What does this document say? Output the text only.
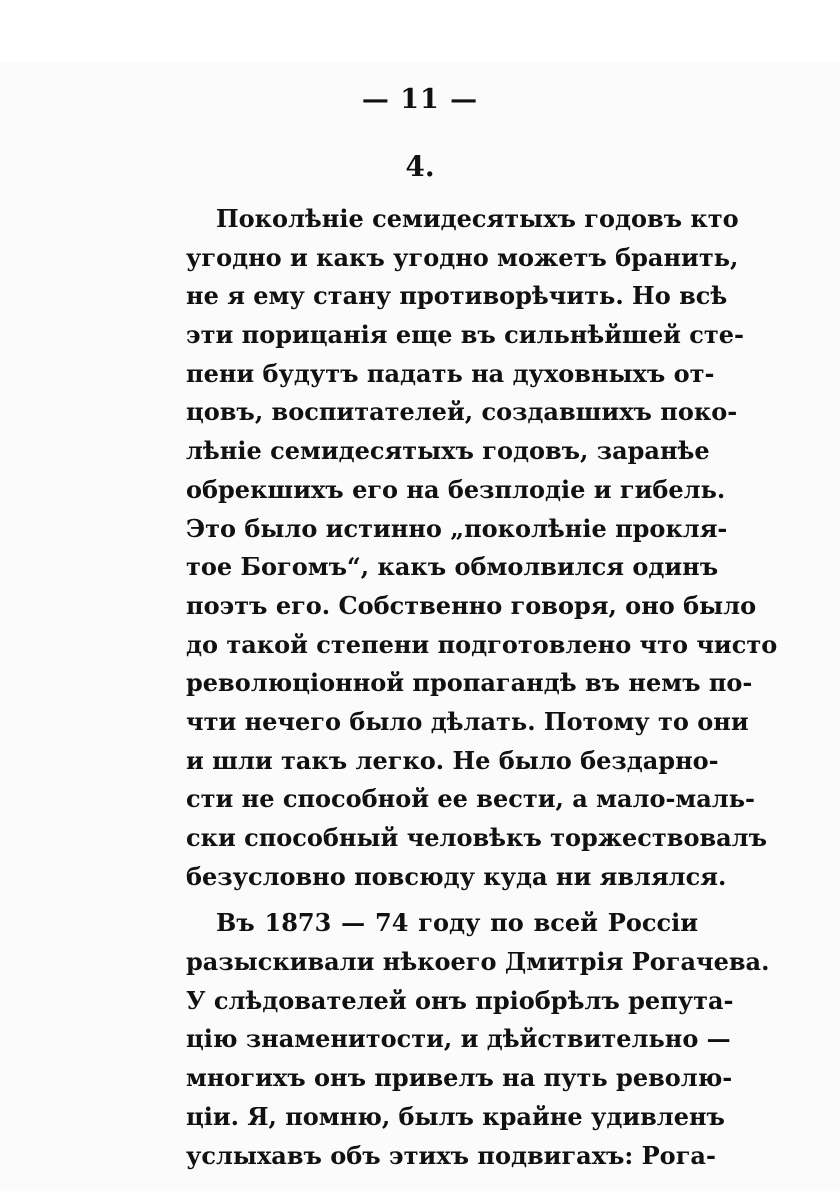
— 11 —
4.
Поколѣніе семидесятыхъ годовъ кто
угодно и какъ угодно можетъ бранить,
не я ему стану противорѣчить. Но всѣ
эти порицанія еще въ сильнѣйшей сте-
пени будутъ падать на духовныхъ от-
цовъ, воспитателей, создавшихъ поко-
лѣніе семидесятыхъ годовъ, заранѣе
обрекшихъ его на безплодіе и гибель.
Это было истинно „поколѣніе прокля-
тое Богомъ“, какъ обмолвился одинъ
поэтъ его. Собственно говоря, оно было
до такой степени подготовлено что чисто
революціонной пропагандѣ въ немъ по-
чти нечего было дѣлать. Потому то они
и шли такъ легко. Не было бездарно-
сти не способной ее вести, а мало-маль-
ски способный человѣкъ торжествовалъ
безусловно повсюду куда ни являлся.
Въ 1873 — 74 году по всей Россіи
разыскивали нѣкоего Дмитрія Рогачева.
У слѣдователей онъ пріобрѣлъ репута-
цію знаменитости, и дѣйствительно —
многихъ онъ привелъ на путь револю-
ціи. Я, помню, былъ крайне удивленъ
услыхавъ объ этихъ подвигахъ: Рога-
